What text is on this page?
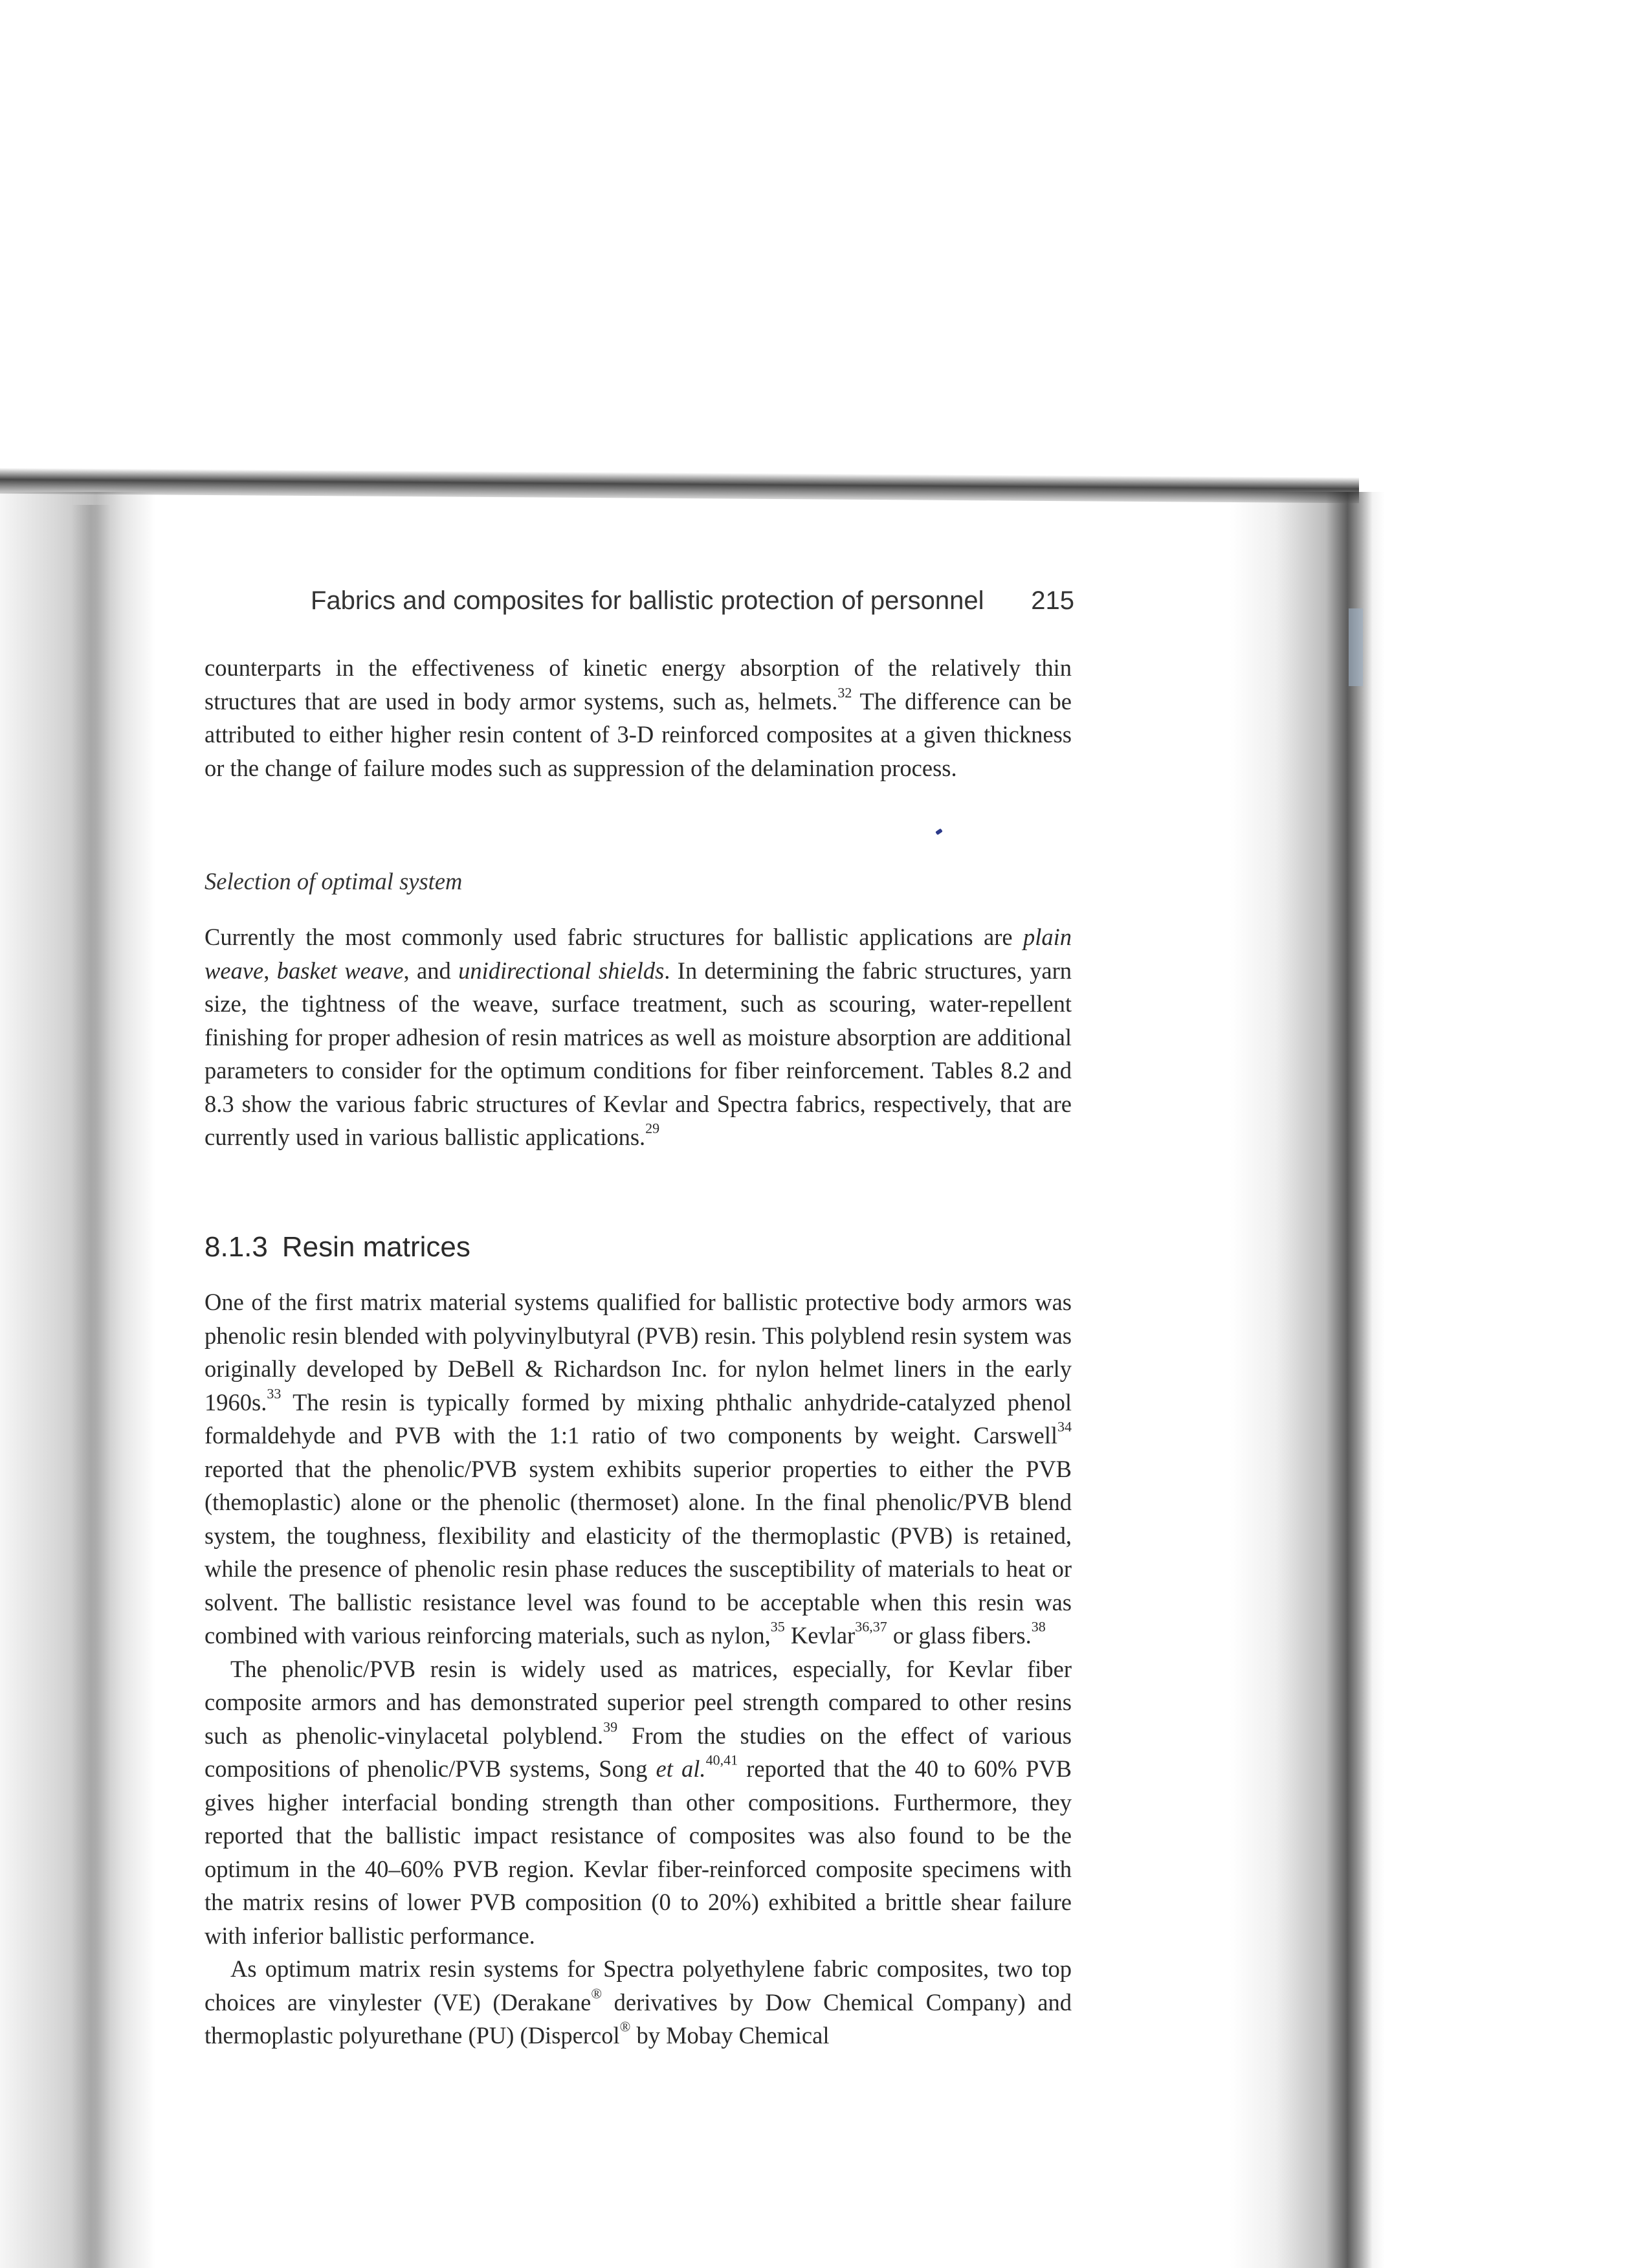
Fabrics and composites for ballistic protection of personnel 215

counterparts in the effectiveness of kinetic energy absorption of the relatively thin structures that are used in body armor systems, such as, helmets.$^{32}$ The difference can be attributed to either higher resin content of 3-D reinforced composites at a given thickness or the change of failure modes such as suppression of the delamination process.

Selection of optimal system

Currently the most commonly used fabric structures for ballistic applications are plain weave, basket weave, and unidirectional shields. In determining the fabric structures, yarn size, the tightness of the weave, surface treatment, such as scouring, water-repellent finishing for proper adhesion of resin matrices as well as moisture absorption are additional parameters to consider for the optimum conditions for fiber reinforcement. Tables 8.2 and 8.3 show the various fabric structures of Kevlar and Spectra fabrics, respectively, that are currently used in various ballistic applications.$^{29}$

8.1.3 Resin matrices

One of the first matrix material systems qualified for ballistic protective body armors was phenolic resin blended with polyvinylbutyral (PVB) resin. This polyblend resin system was originally developed by DeBell & Richardson Inc. for nylon helmet liners in the early 1960s.$^{33}$ The resin is typically formed by mixing phthalic anhydride-catalyzed phenol formaldehyde and PVB with the 1:1 ratio of two components by weight. Carswell$^{34}$ reported that the phenolic/PVB system exhibits superior properties to either the PVB (themoplastic) alone or the phenolic (thermoset) alone. In the final phenolic/PVB blend system, the toughness, flexibility and elasticity of the thermoplastic (PVB) is retained, while the presence of phenolic resin phase reduces the susceptibility of materials to heat or solvent. The ballistic resistance level was found to be acceptable when this resin was combined with various reinforcing materials, such as nylon,$^{35}$ Kevlar$^{36,37}$ or glass fibers.$^{38}$

The phenolic/PVB resin is widely used as matrices, especially, for Kevlar fiber composite armors and has demonstrated superior peel strength compared to other resins such as phenolic-vinylacetal polyblend.$^{39}$ From the studies on the effect of various compositions of phenolic/PVB systems, Song et al.$^{40,41}$ reported that the 40 to 60% PVB gives higher interfacial bonding strength than other compositions. Furthermore, they reported that the ballistic impact resistance of composites was also found to be the optimum in the 40–60% PVB region. Kevlar fiber-reinforced composite specimens with the matrix resins of lower PVB composition (0 to 20%) exhibited a brittle shear failure with inferior ballistic performance.

As optimum matrix resin systems for Spectra polyethylene fabric composites, two top choices are vinylester (VE) (Derakane® derivatives by Dow Chemical Company) and thermoplastic polyurethane (PU) (Dispercol® by Mobay Chemical
